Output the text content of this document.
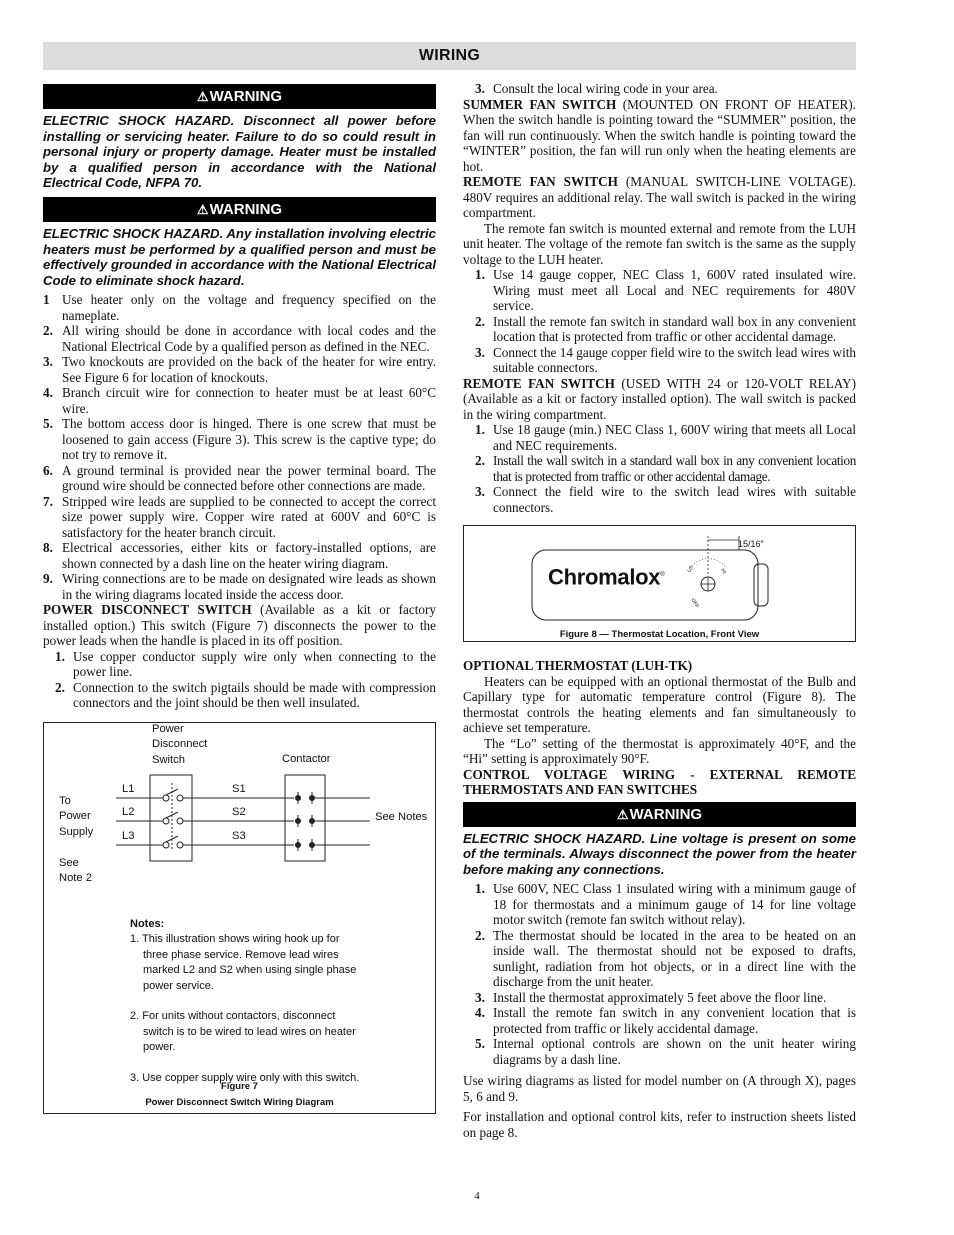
WIRING
⚠WARNING
ELECTRIC SHOCK HAZARD. Disconnect all power before installing or servicing heater. Failure to do so could result in personal injury or property damage. Heater must be installed by a qualified person in accordance with the National Electrical Code, NFPA 70.
⚠WARNING
ELECTRIC SHOCK HAZARD. Any installation involving electric heaters must be performed by a qualified person and must be effectively grounded in accordance with the National Electrical Code to eliminate shock hazard.
1 Use heater only on the voltage and frequency specified on the nameplate.
2. All wiring should be done in accordance with local codes and the National Electrical Code by a qualified person as defined in the NEC.
3. Two knockouts are provided on the back of the heater for wire entry. See Figure 6 for location of knockouts.
4. Branch circuit wire for connection to heater must be at least 60°C wire.
5. The bottom access door is hinged. There is one screw that must be loosened to gain access (Figure 3). This screw is the captive type; do not try to remove it.
6. A ground terminal is provided near the power terminal board. The ground wire should be connected before other connections are made.
7. Stripped wire leads are supplied to be connected to accept the correct size power supply wire. Copper wire rated at 600V and 60°C is satisfactory for the heater branch circuit.
8. Electrical accessories, either kits or factory-installed options, are shown connected by a dash line on the heater wiring diagram.
9. Wiring connections are to be made on designated wire leads as shown in the wiring diagrams located inside the access door.

POWER DISCONNECT SWITCH (Available as a kit or factory installed option.) This switch (Figure 7) disconnects the power to the power leads when the handle is placed in its off position.

1. Use copper conductor supply wire only when connecting to the power line.
2. Connection to the switch pigtails should be made with compression connectors and the joint should be then well insulated.
Power
Disconnect
Switch	Contactor
To
Power
Supply
See
Note 2
L1
L2
L3
S1
S2
S3
See Notes
Notes:
1. This illustration shows wiring hook up for three phase service. Remove lead wires marked L2 and S2 when using single phase power service.
2. For units without contactors, disconnect switch is to be wired to lead wires on heater power.
3. Use copper supply wire only with this switch.
Figure 7
Power Disconnect Switch Wiring Diagram
3. Consult the local wiring code in your area.

SUMMER FAN SWITCH (MOUNTED ON FRONT OF HEATER). When the switch handle is pointing toward the “SUMMER” position, the fan will run continuously. When the switch handle is pointing toward the “WINTER” position, the fan will run only when the heating elements are hot.

REMOTE FAN SWITCH (MANUAL SWITCH-LINE VOLTAGE). 480V requires an additional relay. The wall switch is packed in the wiring compartment.

The remote fan switch is mounted external and remote from the LUH unit heater. The voltage of the remote fan switch is the same as the supply voltage to the LUH heater.

1. Use 14 gauge copper, NEC Class 1, 600V rated insulated wire. Wiring must meet all Local and NEC requirements for 480V service.
2. Install the remote fan switch in standard wall box in any convenient location that is protected from traffic or other accidental damage.
3. Connect the 14 gauge copper field wire to the switch lead wires with suitable connectors.

REMOTE FAN SWITCH (USED WITH 24 or 120-VOLT RELAY) (Available as a kit or factory installed option). The wall switch is packed in the wiring compartment.

1. Use 18 gauge (min.) NEC Class 1, 600V wiring that meets all Local and NEC requirements.
2. Install the wall switch in a standard wall box in any convenient location that is protected from traffic or other accidental damage.
3. Connect the field wire to the switch lead wires with suitable connectors.
15/16"
Chromalox®
LO	HI
OFF
Figure 8 — Thermostat Location, Front View

OPTIONAL THERMOSTAT (LUH-TK)

Heaters can be equipped with an optional thermostat of the Bulb and Capillary type for automatic temperature control (Figure 8). The thermostat controls the heating elements and fan simultaneously to achieve set temperature.

The “Lo” setting of the thermostat is approximately 40°F, and the “Hi” setting is approximately 90°F.

CONTROL VOLTAGE WIRING - EXTERNAL REMOTE THERMOSTATS AND FAN SWITCHES

⚠WARNING
ELECTRIC SHOCK HAZARD. Line voltage is present on some of the terminals. Always disconnect the power from the heater before making any connections.
1. Use 600V, NEC Class 1 insulated wiring with a minimum gauge of 18 for thermostats and a minimum gauge of 14 for line voltage motor switch (remote fan switch without relay).
2. The thermostat should be located in the area to be heated on an inside wall. The thermostat should not be exposed to drafts, sunlight, radiation from hot objects, or in a direct line with the discharge from the unit heater.
3. Install the thermostat approximately 5 feet above the floor line.
4. Install the remote fan switch in any convenient location that is protected from traffic or likely accidental damage.
5. Internal optional controls are shown on the unit heater wiring diagrams by a dash line.

Use wiring diagrams as listed for model number on (A through X), pages 5, 6 and 9.

For installation and optional control kits, refer to instruction sheets listed on page 8.

4
